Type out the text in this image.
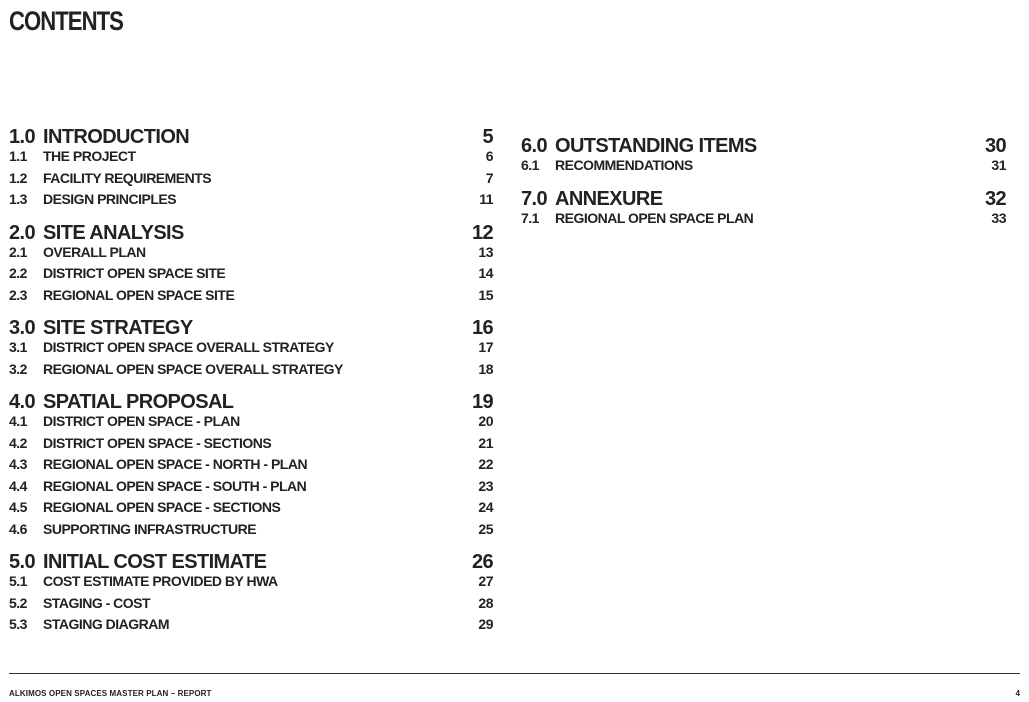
CONTENTS
1.0 INTRODUCTION	5
1.1	THE PROJECT	6
1.2	FACILITY REQUIREMENTS	7
1.3	DESIGN PRINCIPLES	11
2.0 SITE ANALYSIS	12
2.1	OVERALL PLAN	13
2.2	DISTRICT OPEN SPACE SITE	14
2.3	REGIONAL OPEN SPACE SITE	15
3.0 SITE STRATEGY	16
3.1	DISTRICT OPEN SPACE OVERALL STRATEGY	17
3.2	REGIONAL OPEN SPACE OVERALL STRATEGY	18
4.0 SPATIAL PROPOSAL	19
4.1	DISTRICT OPEN SPACE - PLAN	20
4.2	DISTRICT OPEN SPACE - SECTIONS	21
4.3	REGIONAL OPEN SPACE - NORTH - PLAN	22
4.4	REGIONAL OPEN SPACE - SOUTH - PLAN	23
4.5	REGIONAL OPEN SPACE - SECTIONS	24
4.6	SUPPORTING INFRASTRUCTURE	25
5.0 INITIAL COST ESTIMATE	26
5.1	COST ESTIMATE PROVIDED BY HWA	27
5.2	STAGING - COST	28
5.3	STAGING DIAGRAM	29
6.0 OUTSTANDING ITEMS	30
6.1	RECOMMENDATIONS	31
7.0 ANNEXURE	32
7.1	REGIONAL OPEN SPACE PLAN	33
ALKIMOS OPEN SPACES MASTER PLAN – REPORT	4
